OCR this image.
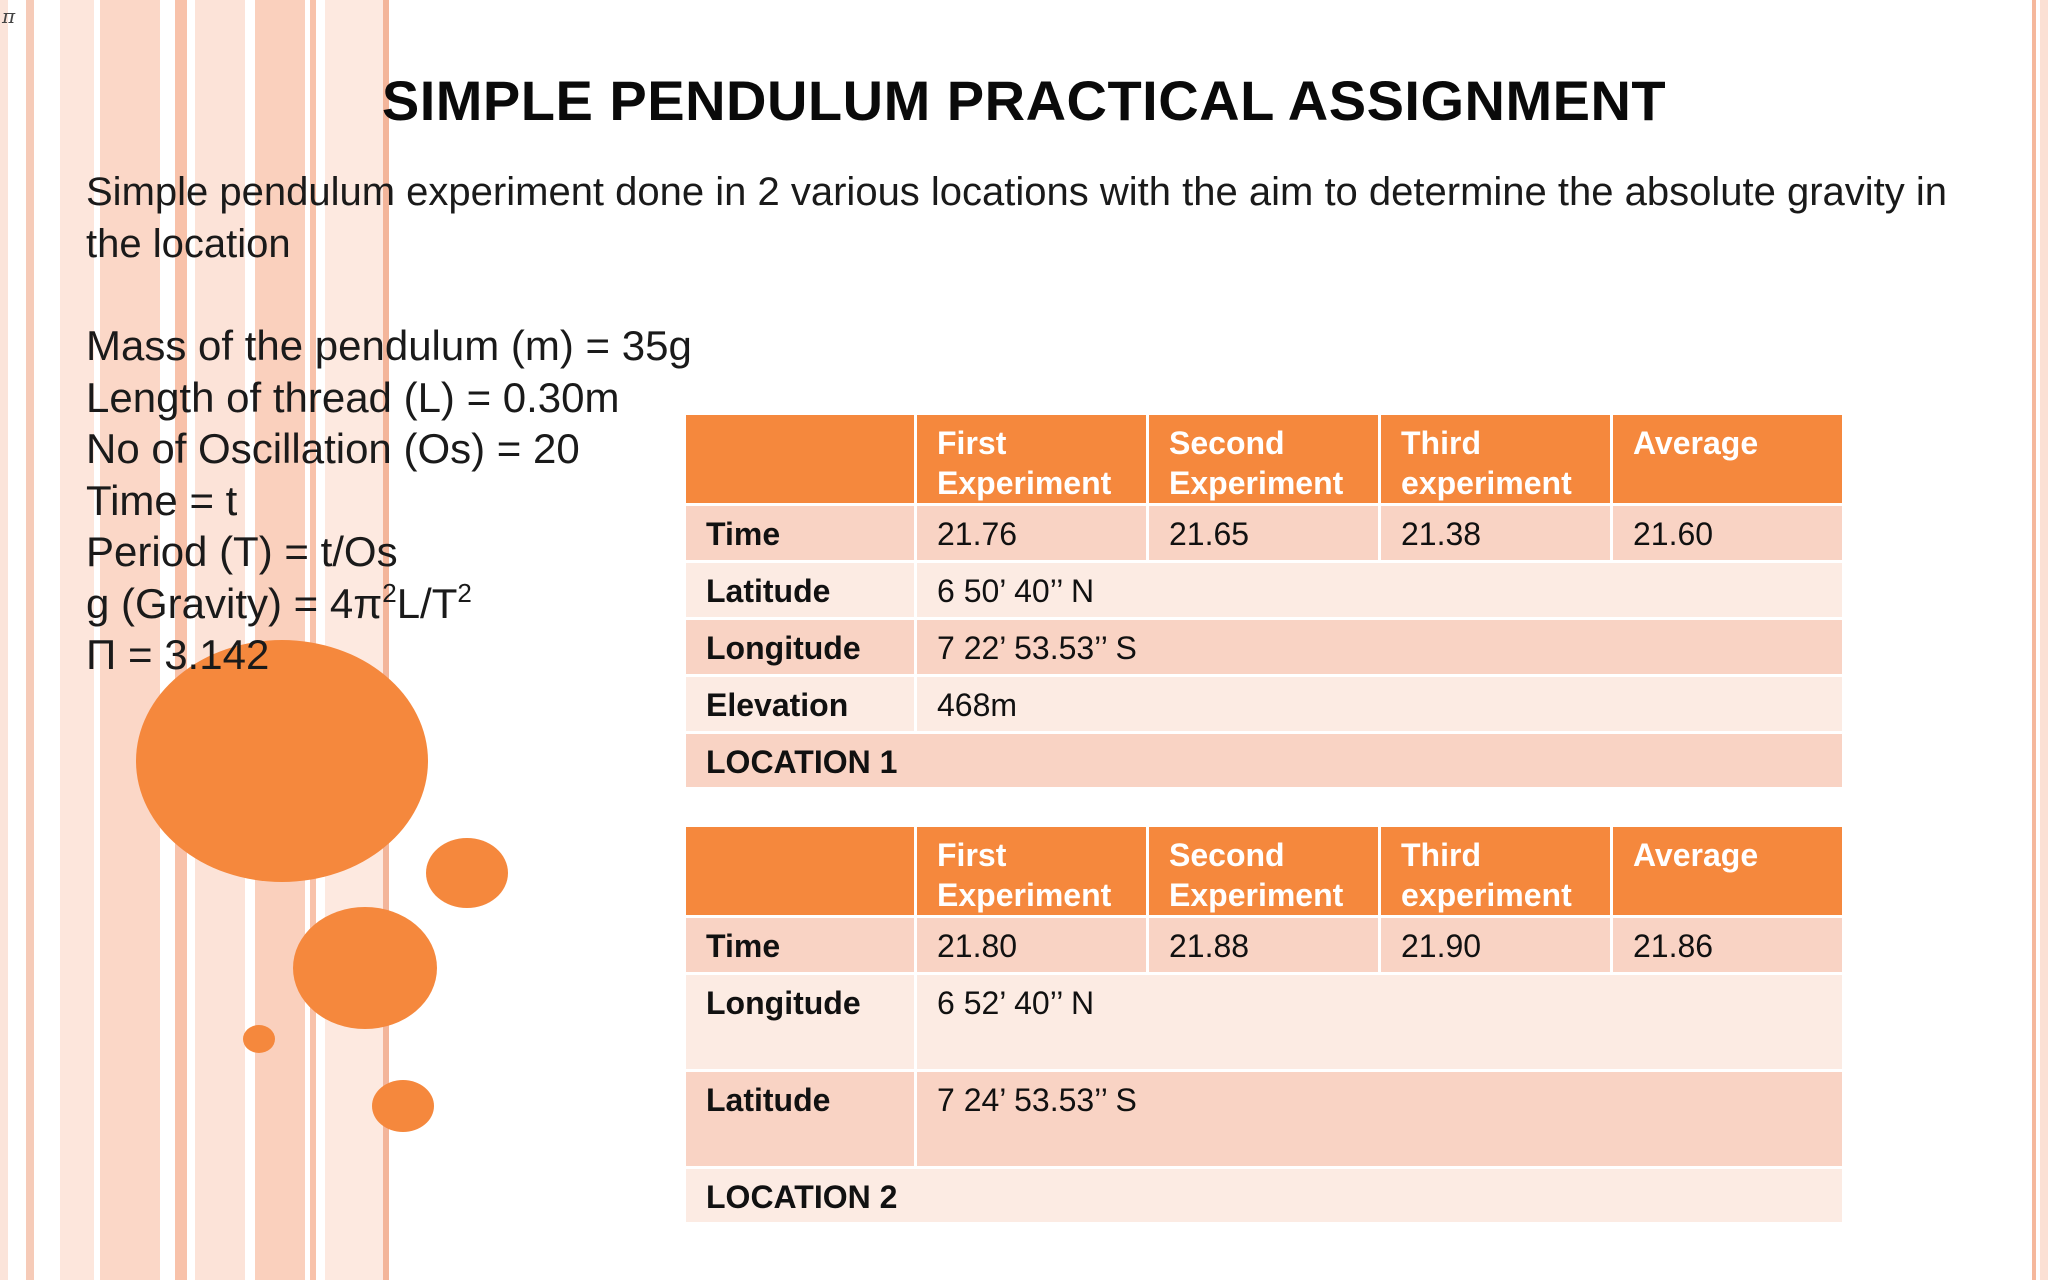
π
SIMPLE PENDULUM PRACTICAL ASSIGNMENT
Simple pendulum experiment done in 2 various locations with the aim to determine the absolute gravity in the location
Mass of the pendulum (m) = 35g
Length of thread (L) = 0.30m
No of Oscillation (Os) = 20
Time = t
Period (T) = t/Os
g (Gravity) = $4\pi^2L/T^2$
Π = 3.142
	First Experiment	Second Experiment	Third experiment	Average
Time	21.76	21.65	21.38	21.60
Latitude	6 50’ 40’’ N			
Longitude	7 22’ 53.53’’ S			
Elevation	468m			
LOCATION 1				
	First Experiment	Second Experiment	Third experiment	Average
Time	21.80	21.88	21.90	21.86
Longitude	6 52’ 40’’ N			
Latitude	7 24’ 53.53’’ S			
LOCATION 2				
